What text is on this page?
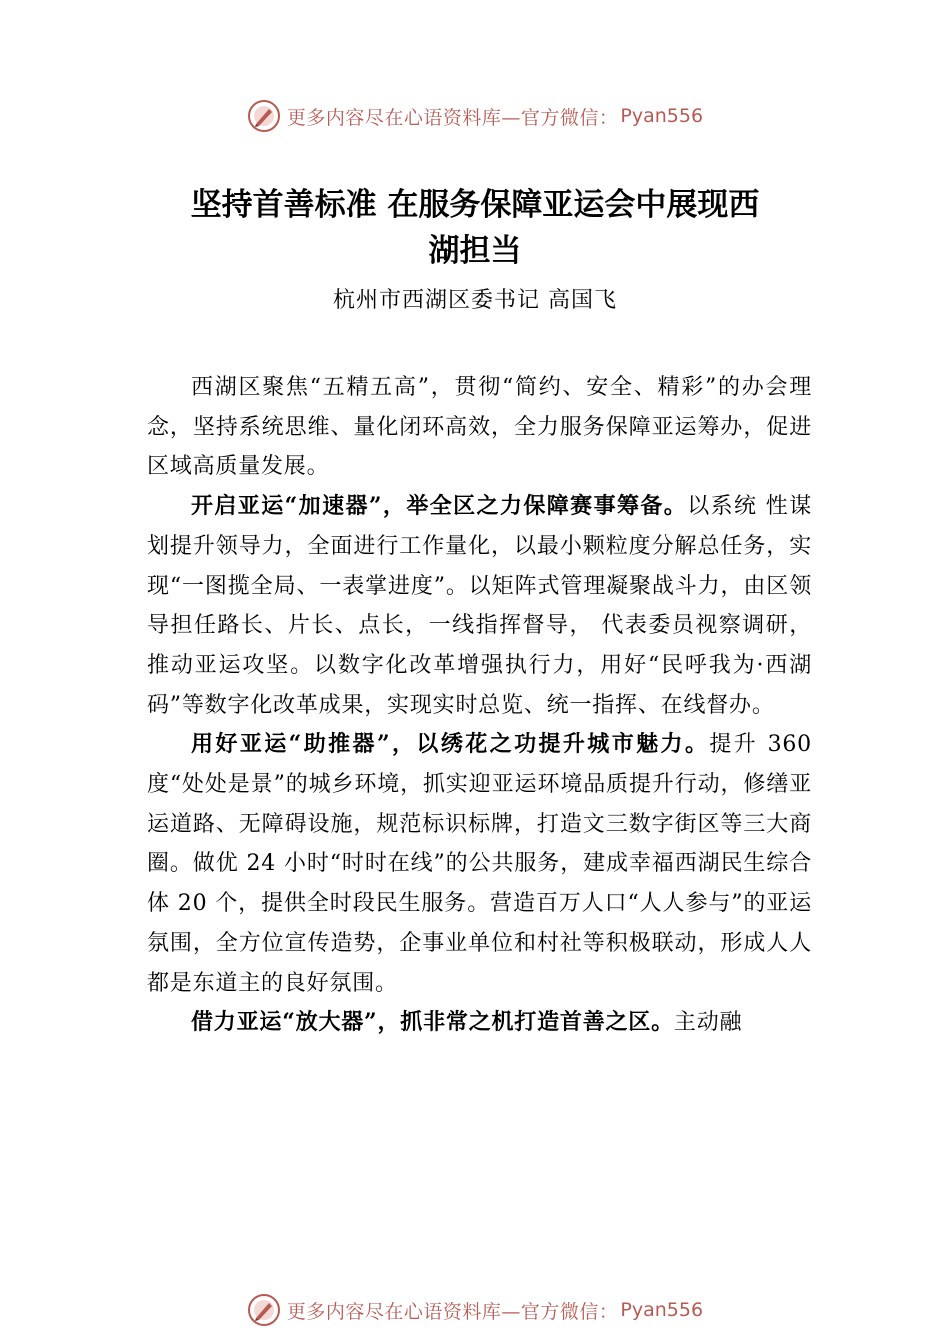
更多内容尽在心语资料库—官方微信： Pyan556
坚持首善标准 在服务保障亚运会中展现西
湖担当
杭州市西湖区委书记 高国飞

西湖区聚焦“五精五高”，贯彻“简约、安全、精彩”的办会理念，坚持系统思维、量化闭环高效，全力服务保障亚运筹办，促进区域高质量发展。

开启亚运“加速器”，举全区之力保障赛事筹备。以系统 性谋划提升领导力，全面进行工作量化，以最小颗粒度分解总任务，实现“一图揽全局、一表掌进度”。以矩阵式管理凝聚战斗力，由区领导担任路长、片长、点长，一线指挥督导， 代表委员视察调研，推动亚运攻坚。以数字化改革增强执行力，用好“民呼我为·西湖码”等数字化改革成果，实现实时总览、统一指挥、在线督办。

用好亚运“助推器”，以绣花之功提升城市魅力。提升 360 度“处处是景”的城乡环境，抓实迎亚运环境品质提升行动，修缮亚运道路、无障碍设施，规范标识标牌，打造文三数字街区等三大商圈。做优 24 小时“时时在线”的公共服务，建成幸福西湖民生综合体 20 个，提供全时段民生服务。营造百万人口“人人参与”的亚运氛围，全方位宣传造势，企事业单位和村社等积极联动，形成人人都是东道主的良好氛围。

借力亚运“放大器”，抓非常之机打造首善之区。主动融

更多内容尽在心语资料库—官方微信： Pyan556
